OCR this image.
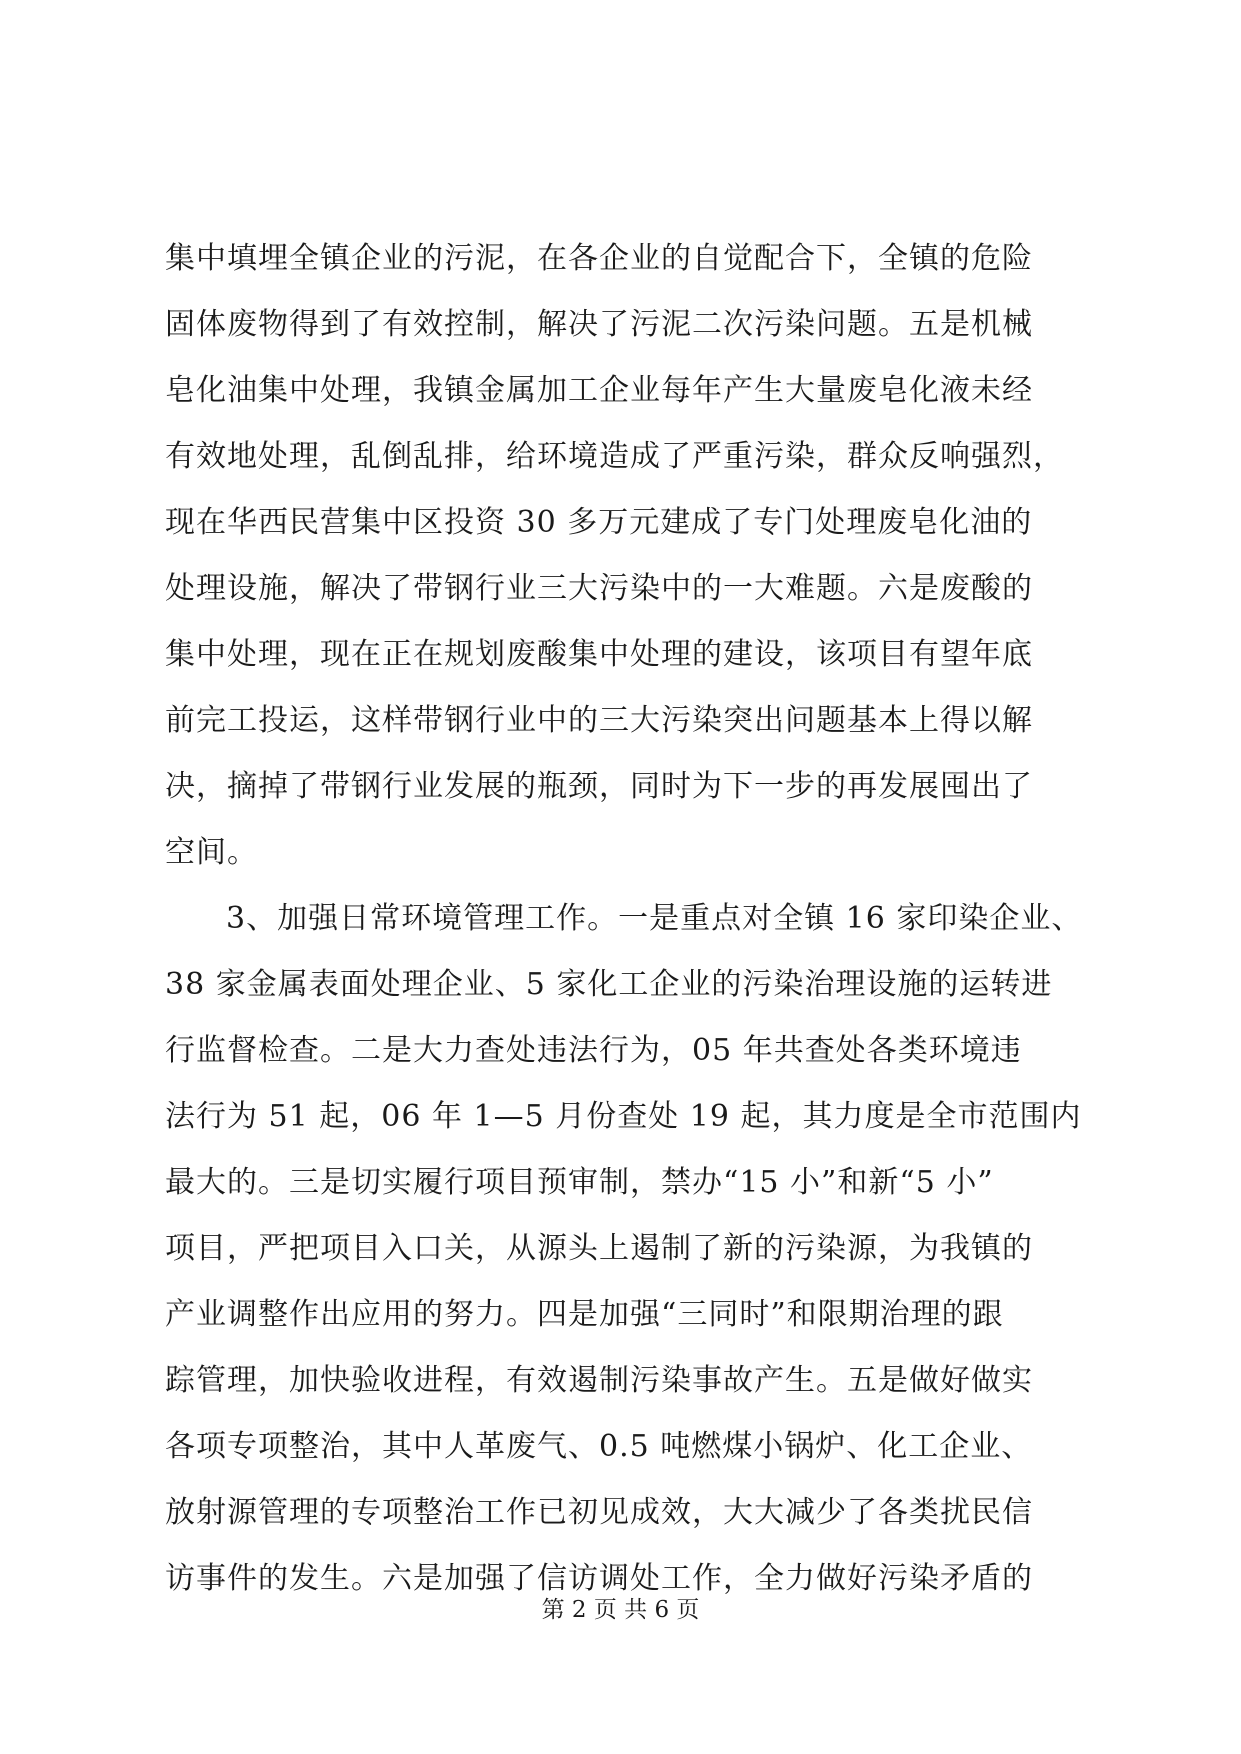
集中填埋全镇企业的污泥，在各企业的自觉配合下，全镇的危险
固体废物得到了有效控制，解决了污泥二次污染问题。五是机械
皂化油集中处理，我镇金属加工企业每年产生大量废皂化液未经
有效地处理，乱倒乱排，给环境造成了严重污染，群众反响强烈，
现在华西民营集中区投资 30 多万元建成了专门处理废皂化油的
处理设施，解决了带钢行业三大污染中的一大难题。六是废酸的
集中处理，现在正在规划废酸集中处理的建设，该项目有望年底
前完工投运，这样带钢行业中的三大污染突出问题基本上得以解
决，摘掉了带钢行业发展的瓶颈，同时为下一步的再发展囤出了
空间。
3、加强日常环境管理工作。一是重点对全镇 16 家印染企业、
38 家金属表面处理企业、5 家化工企业的污染治理设施的运转进
行监督检查。二是大力查处违法行为，05 年共查处各类环境违
法行为 51 起，06 年 1—5 月份查处 19 起，其力度是全市范围内
最大的。三是切实履行项目预审制，禁办“15 小”和新“5 小”
项目，严把项目入口关，从源头上遏制了新的污染源，为我镇的
产业调整作出应用的努力。四是加强“三同时”和限期治理的跟
踪管理，加快验收进程，有效遏制污染事故产生。五是做好做实
各项专项整治，其中人革废气、0.5 吨燃煤小锅炉、化工企业、
放射源管理的专项整治工作已初见成效，大大减少了各类扰民信
访事件的发生。六是加强了信访调处工作，全力做好污染矛盾的
第 2 页 共 6 页
